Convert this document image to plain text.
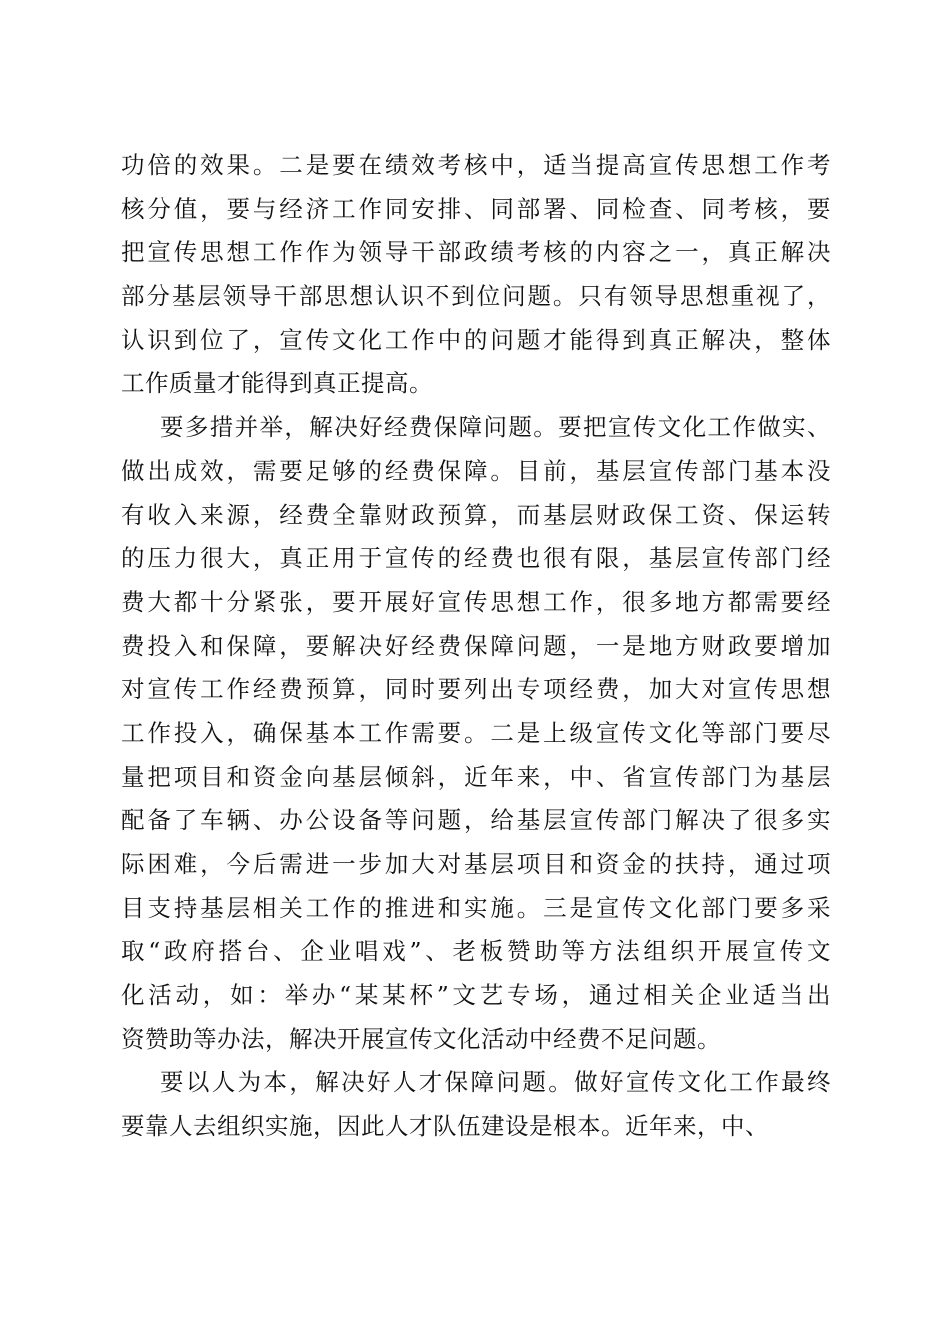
功倍的效果。二是要在绩效考核中，适当提高宣传思想工作考
核分值，要与经济工作同安排、同部署、同检查、同考核，要
把宣传思想工作作为领导干部政绩考核的内容之一，真正解决
部分基层领导干部思想认识不到位问题。只有领导思想重视了，
认识到位了，宣传文化工作中的问题才能得到真正解决，整体
工作质量才能得到真正提高。
要多措并举，解决好经费保障问题。要把宣传文化工作做实、
做出成效，需要足够的经费保障。目前，基层宣传部门基本没
有收入来源，经费全靠财政预算，而基层财政保工资、保运转
的压力很大，真正用于宣传的经费也很有限，基层宣传部门经
费大都十分紧张，要开展好宣传思想工作，很多地方都需要经
费投入和保障，要解决好经费保障问题，一是地方财政要增加
对宣传工作经费预算，同时要列出专项经费，加大对宣传思想
工作投入，确保基本工作需要。二是上级宣传文化等部门要尽
量把项目和资金向基层倾斜，近年来，中、省宣传部门为基层
配备了车辆、办公设备等问题，给基层宣传部门解决了很多实
际困难，今后需进一步加大对基层项目和资金的扶持，通过项
目支持基层相关工作的推进和实施。三是宣传文化部门要多采
取“政府搭台、企业唱戏”、老板赞助等方法组织开展宣传文
化活动，如：举办“某某杯”文艺专场，通过相关企业适当出
资赞助等办法，解决开展宣传文化活动中经费不足问题。
要以人为本，解决好人才保障问题。做好宣传文化工作最终
要靠人去组织实施，因此人才队伍建设是根本。近年来，中、
